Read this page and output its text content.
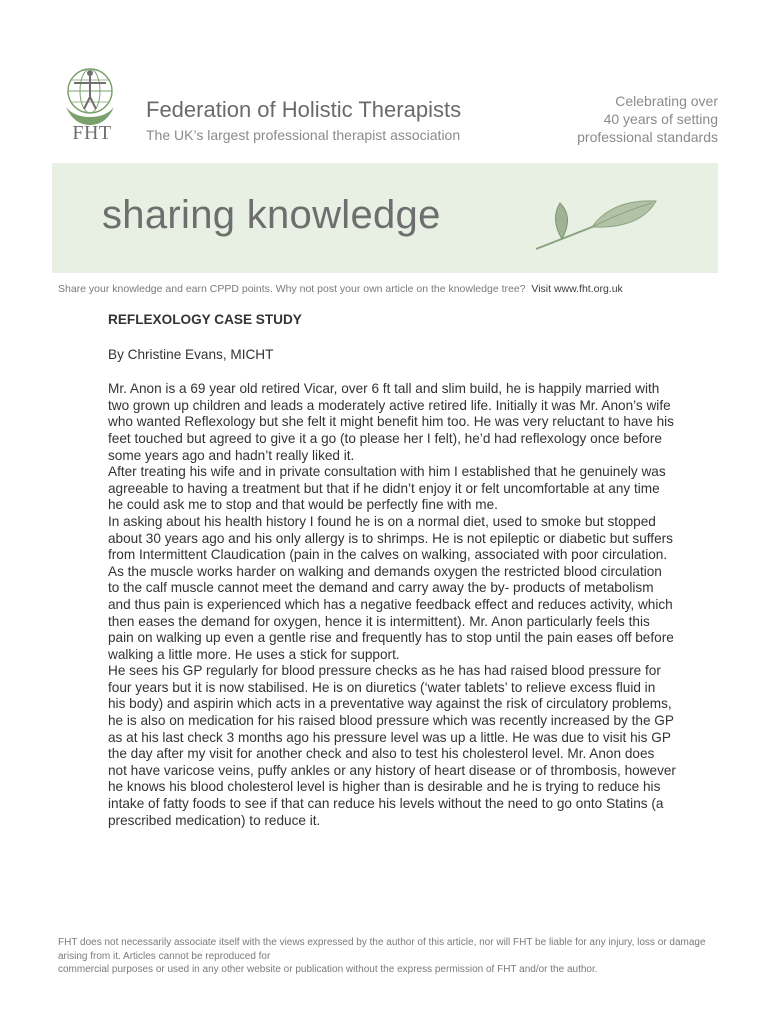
FHT
Federation of Holistic Therapists
The UK’s largest professional therapist association
Celebrating over
40 years of setting
professional standards
sharing knowledge
Share your knowledge and earn CPPD points. Why not post your own article on the knowledge tree? Visit www.fht.org.uk

REFLEXOLOGY CASE STUDY

By Christine Evans, MICHT

Mr. Anon is a 69 year old retired Vicar, over 6 ft tall and slim build, he is happily married with two grown up children and leads a moderately active retired life. Initially it was Mr. Anon’s wife who wanted Reflexology but she felt it might benefit him too. He was very reluctant to have his feet touched but agreed to give it a go (to please her I felt), he’d had reflexology once before some years ago and hadn’t really liked it.

After treating his wife and in private consultation with him I established that he genuinely was agreeable to having a treatment but that if he didn’t enjoy it or felt uncomfortable at any time he could ask me to stop and that would be perfectly fine with me.

In asking about his health history I found he is on a normal diet, used to smoke but stopped about 30 years ago and his only allergy is to shrimps. He is not epileptic or diabetic but suffers from Intermittent Claudication (pain in the calves on walking, associated with poor circulation. As the muscle works harder on walking and demands oxygen the restricted blood circulation to the calf muscle cannot meet the demand and carry away the by- products of metabolism and thus pain is experienced which has a negative feedback effect and reduces activity, which then eases the demand for oxygen, hence it is intermittent). Mr. Anon particularly feels this pain on walking up even a gentle rise and frequently has to stop until the pain eases off before walking a little more. He uses a stick for support.

He sees his GP regularly for blood pressure checks as he has had raised blood pressure for four years but it is now stabilised. He is on diuretics (‘water tablets’ to relieve excess fluid in his body) and aspirin which acts in a preventative way against the risk of circulatory problems, he is also on medication for his raised blood pressure which was recently increased by the GP as at his last check 3 months ago his pressure level was up a little. He was due to visit his GP the day after my visit for another check and also to test his cholesterol level. Mr. Anon does not have varicose veins, puffy ankles or any history of heart disease or of thrombosis, however he knows his blood cholesterol level is higher than is desirable and he is trying to reduce his intake of fatty foods to see if that can reduce his levels without the need to go onto Statins (a prescribed medication) to reduce it.

FHT does not necessarily associate itself with the views expressed by the author of this article, nor will FHT be liable for any injury, loss or damage arising from it. Articles cannot be reproduced for

commercial purposes or used in any other website or publication without the express permission of FHT and/or the author.
